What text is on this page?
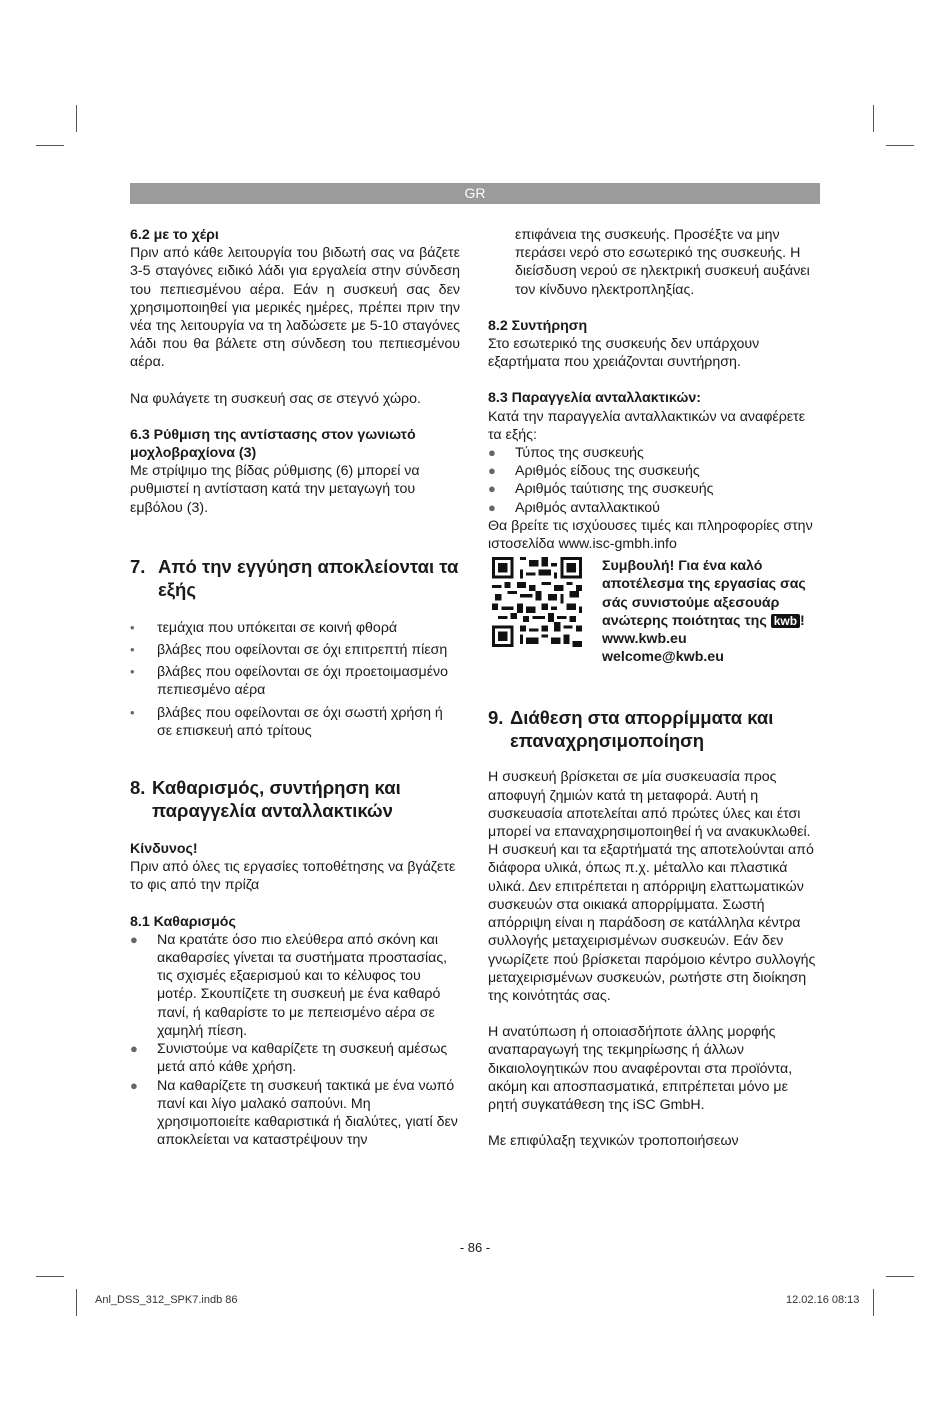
GR

6.2 με το χέρι

Πριν από κάθε λειτουργία του βιδωτή σας να βάζετε 3-5 σταγόνες ειδικό λάδι για εργαλεία στην σύνδεση του πεπιεσμένου αέρα. Εάν η συσκευή σας δεν χρησιμοποιηθεί για μερικές ημέρες, πρέπει πριν την νέα της λειτουργία να τη λαδώσετε με 5-10 σταγόνες λάδι που θα βάλετε στη σύνδεση του πεπιεσμένου αέρα.

Να φυλάγετε τη συσκευή σας σε στεγνό χώρο.

6.3 Ρύθμιση της αντίστασης στον γωνιωτό μοχλοβραχίονα (3)

Με στρίψιμο της βίδας ρύθμισης (6) μπορεί να ρυθμιστεί η αντίσταση κατά την μεταγωγή του εμβόλου (3).

7. Από την εγγύηση αποκλείονται τα εξής
• τεμάχια που υπόκειται σε κοινή φθορά
• βλάβες που οφείλονται σε όχι επιτρεπτή πίεση
• βλάβες που οφείλονται σε όχι προετοιμασμένο πεπιεσμένο αέρα
• βλάβες που οφείλονται σε όχι σωστή χρήση ή σε επισκευή από τρίτους
8. Καθαρισμός, συντήρηση και παραγγελία ανταλλακτικών

Κίνδυνος!

Πριν από όλες τις εργασίες τοποθέτησης να βγάζετε το φις από την πρίζα

8.1 Καθαρισμός

● Να κρατάτε όσο πιο ελεύθερα από σκόνη και ακαθαρσίες γίνεται τα συστήματα προστασίας, τις σχισμές εξαερισμού και το κέλυφος του μοτέρ. Σκουπίζετε τη συσκευή με ένα καθαρό πανί, ή καθαρίστε το με πεπεισμένο αέρα σε χαμηλή πίεση.
● Συνιστούμε να καθαρίζετε τη συσκευή αμέσως μετά από κάθε χρήση.
● Να καθαρίζετε τη συσκευή τακτικά με ένα νωπό πανί και λίγο μαλακό σαπούνι. Μη χρησιμοποιείτε καθαριστικά ή διαλύτες, γιατί δεν αποκλείεται να καταστρέψουν την

επιφάνεια της συσκευής. Προσέξτε να μην περάσει νερό στο εσωτερικό της συσκευής. Η διείσδυση νερού σε ηλεκτρική συσκευή αυξάνει τον κίνδυνο ηλεκτροπληξίας.

8.2 Συντήρηση

Στο εσωτερικό της συσκευής δεν υπάρχουν εξαρτήματα που χρειάζονται συντήρηση.

8.3 Παραγγελία ανταλλακτικών:

Κατά την παραγγελία ανταλλακτικών να αναφέρετε τα εξής:

● Τύπος της συσκευής
● Αριθμός είδους της συσκευής
● Αριθμός ταύτισης της συσκευής
● Αριθμός ανταλλακτικού

Θα βρείτε τις ισχύουσες τιμές και πληροφορίες στην ιστοσελίδα www.isc-gmbh.info

Συμβουλή! Για ένα καλό αποτέλεσμα της εργασίας σας σάς συνιστούμε αξεσουάρ ανώτερης ποιότητας της kwb !
www.kwb.eu
welcome@kwb.eu
9. Διάθεση στα απορρίμματα και επαναχρησιμοποίηση

Η συσκευή βρίσκεται σε μία συσκευασία προς αποφυγή ζημιών κατά τη μεταφορά. Αυτή η συσκευασία αποτελείται από πρώτες ύλες και έτσι μπορεί να επαναχρησιμοποιηθεί ή να ανακυκλωθεί. Η συσκευή και τα εξαρτήματά της αποτελούνται από διάφορα υλικά, όπως π.χ. μέταλλο και πλαστικά υλικά. Δεν επιτρέπεται η απόρριψη ελαττωματικών συσκευών στα οικιακά απορρίμματα. Σωστή απόρριψη είναι η παράδοση σε κατάλληλα κέντρα συλλογής μεταχειρισμένων συσκευών. Εάν δεν γνωρίζετε πού βρίσκεται παρόμοιο κέντρο συλλογής μεταχειρισμένων συσκευών, ρωτήστε στη διοίκηση της κοινότητάς σας.

Η ανατύπωση ή οποιασδήποτε άλλης μορφής αναπαραγωγή της τεκμηρίωσης ή άλλων δικαιολογητικών που αναφέρονται στα προϊόντα, ακόμη και αποσπασματικά, επιτρέπεται μόνο με ρητή συγκατάθεση της iSC GmbH.

Με επιφύλαξη τεχνικών τροποποιήσεων

- 86 -
Anl_DSS_312_SPK7.indb 86	12.02.16 08:13
